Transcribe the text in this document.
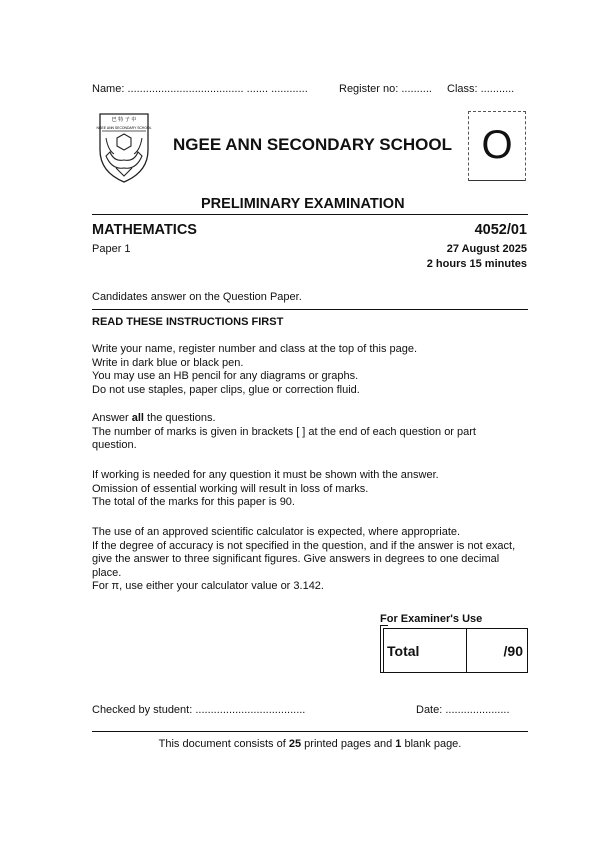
Name: ...................................... ....... ............	Register no: .......... Class: ...........
巴 特 子 中
NGEE ANN SECONDARY SCHOOL
NGEE ANN SECONDARY SCHOOL O
PRELIMINARY EXAMINATION
MATHEMATICS	4052/01
Paper 1	27 August 2025
2 hours 15 minutes
Candidates answer on the Question Paper.
READ THESE INSTRUCTIONS FIRST
Write your name, register number and class at the top of this page.
Write in dark blue or black pen.
You may use an HB pencil for any diagrams or graphs.
Do not use staples, paper clips, glue or correction fluid.
Answer all the questions.
The number of marks is given in brackets [ ] at the end of each question or part
question.
If working is needed for any question it must be shown with the answer.
Omission of essential working will result in loss of marks.
The total of the marks for this paper is 90.
The use of an approved scientific calculator is expected, where appropriate.
If the degree of accuracy is not specified in the question, and if the answer is not exact,
give the answer to three significant figures. Give answers in degrees to one decimal
place.
For π, use either your calculator value or 3.142.
For Examiner's Use
Total	/90
Checked by student: ....................................	Date: .....................
This document consists of 25 printed pages and 1 blank page.
